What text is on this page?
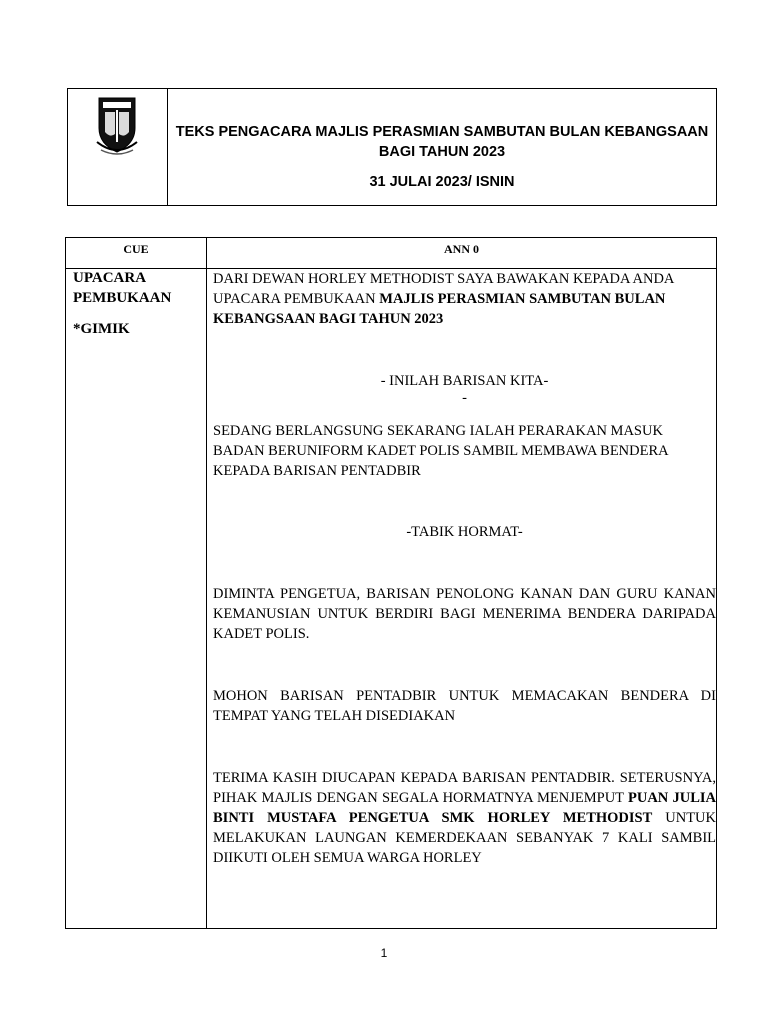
TEKS PENGACARA MAJLIS PERASMIAN SAMBUTAN BULAN KEBANGSAAN BAGI TAHUN 2023
31 JULAI 2023/ ISNIN
CUE	ANN 0
UPACARA PEMBUKAAN
*GIMIK

DARI DEWAN HORLEY METHODIST SAYA BAWAKAN KEPADA ANDA UPACARA PEMBUKAAN MAJLIS PERASMIAN SAMBUTAN BULAN KEBANGSAAN BAGI TAHUN 2023

- INILAH BARISAN KITA-

-

SEDANG BERLANGSUNG SEKARANG IALAH PERARAKAN MASUK BADAN BERUNIFORM KADET POLIS SAMBIL MEMBAWA BENDERA KEPADA BARISAN PENTADBIR

-TABIK HORMAT-

DIMINTA PENGETUA, BARISAN PENOLONG KANAN DAN GURU KANAN KEMANUSIAN UNTUK BERDIRI BAGI MENERIMA BENDERA DARIPADA KADET POLIS.

MOHON BARISAN PENTADBIR UNTUK MEMACAKAN BENDERA DI TEMPAT YANG TELAH DISEDIAKAN

TERIMA KASIH DIUCAPAN KEPADA BARISAN PENTADBIR. SETERUSNYA, PIHAK MAJLIS DENGAN SEGALA HORMATNYA MENJEMPUT PUAN JULIA BINTI MUSTAFA PENGETUA SMK HORLEY METHODIST UNTUK MELAKUKAN LAUNGAN KEMERDEKAAN SEBANYAK 7 KALI SAMBIL DIIKUTI OLEH SEMUA WARGA HORLEY

1
